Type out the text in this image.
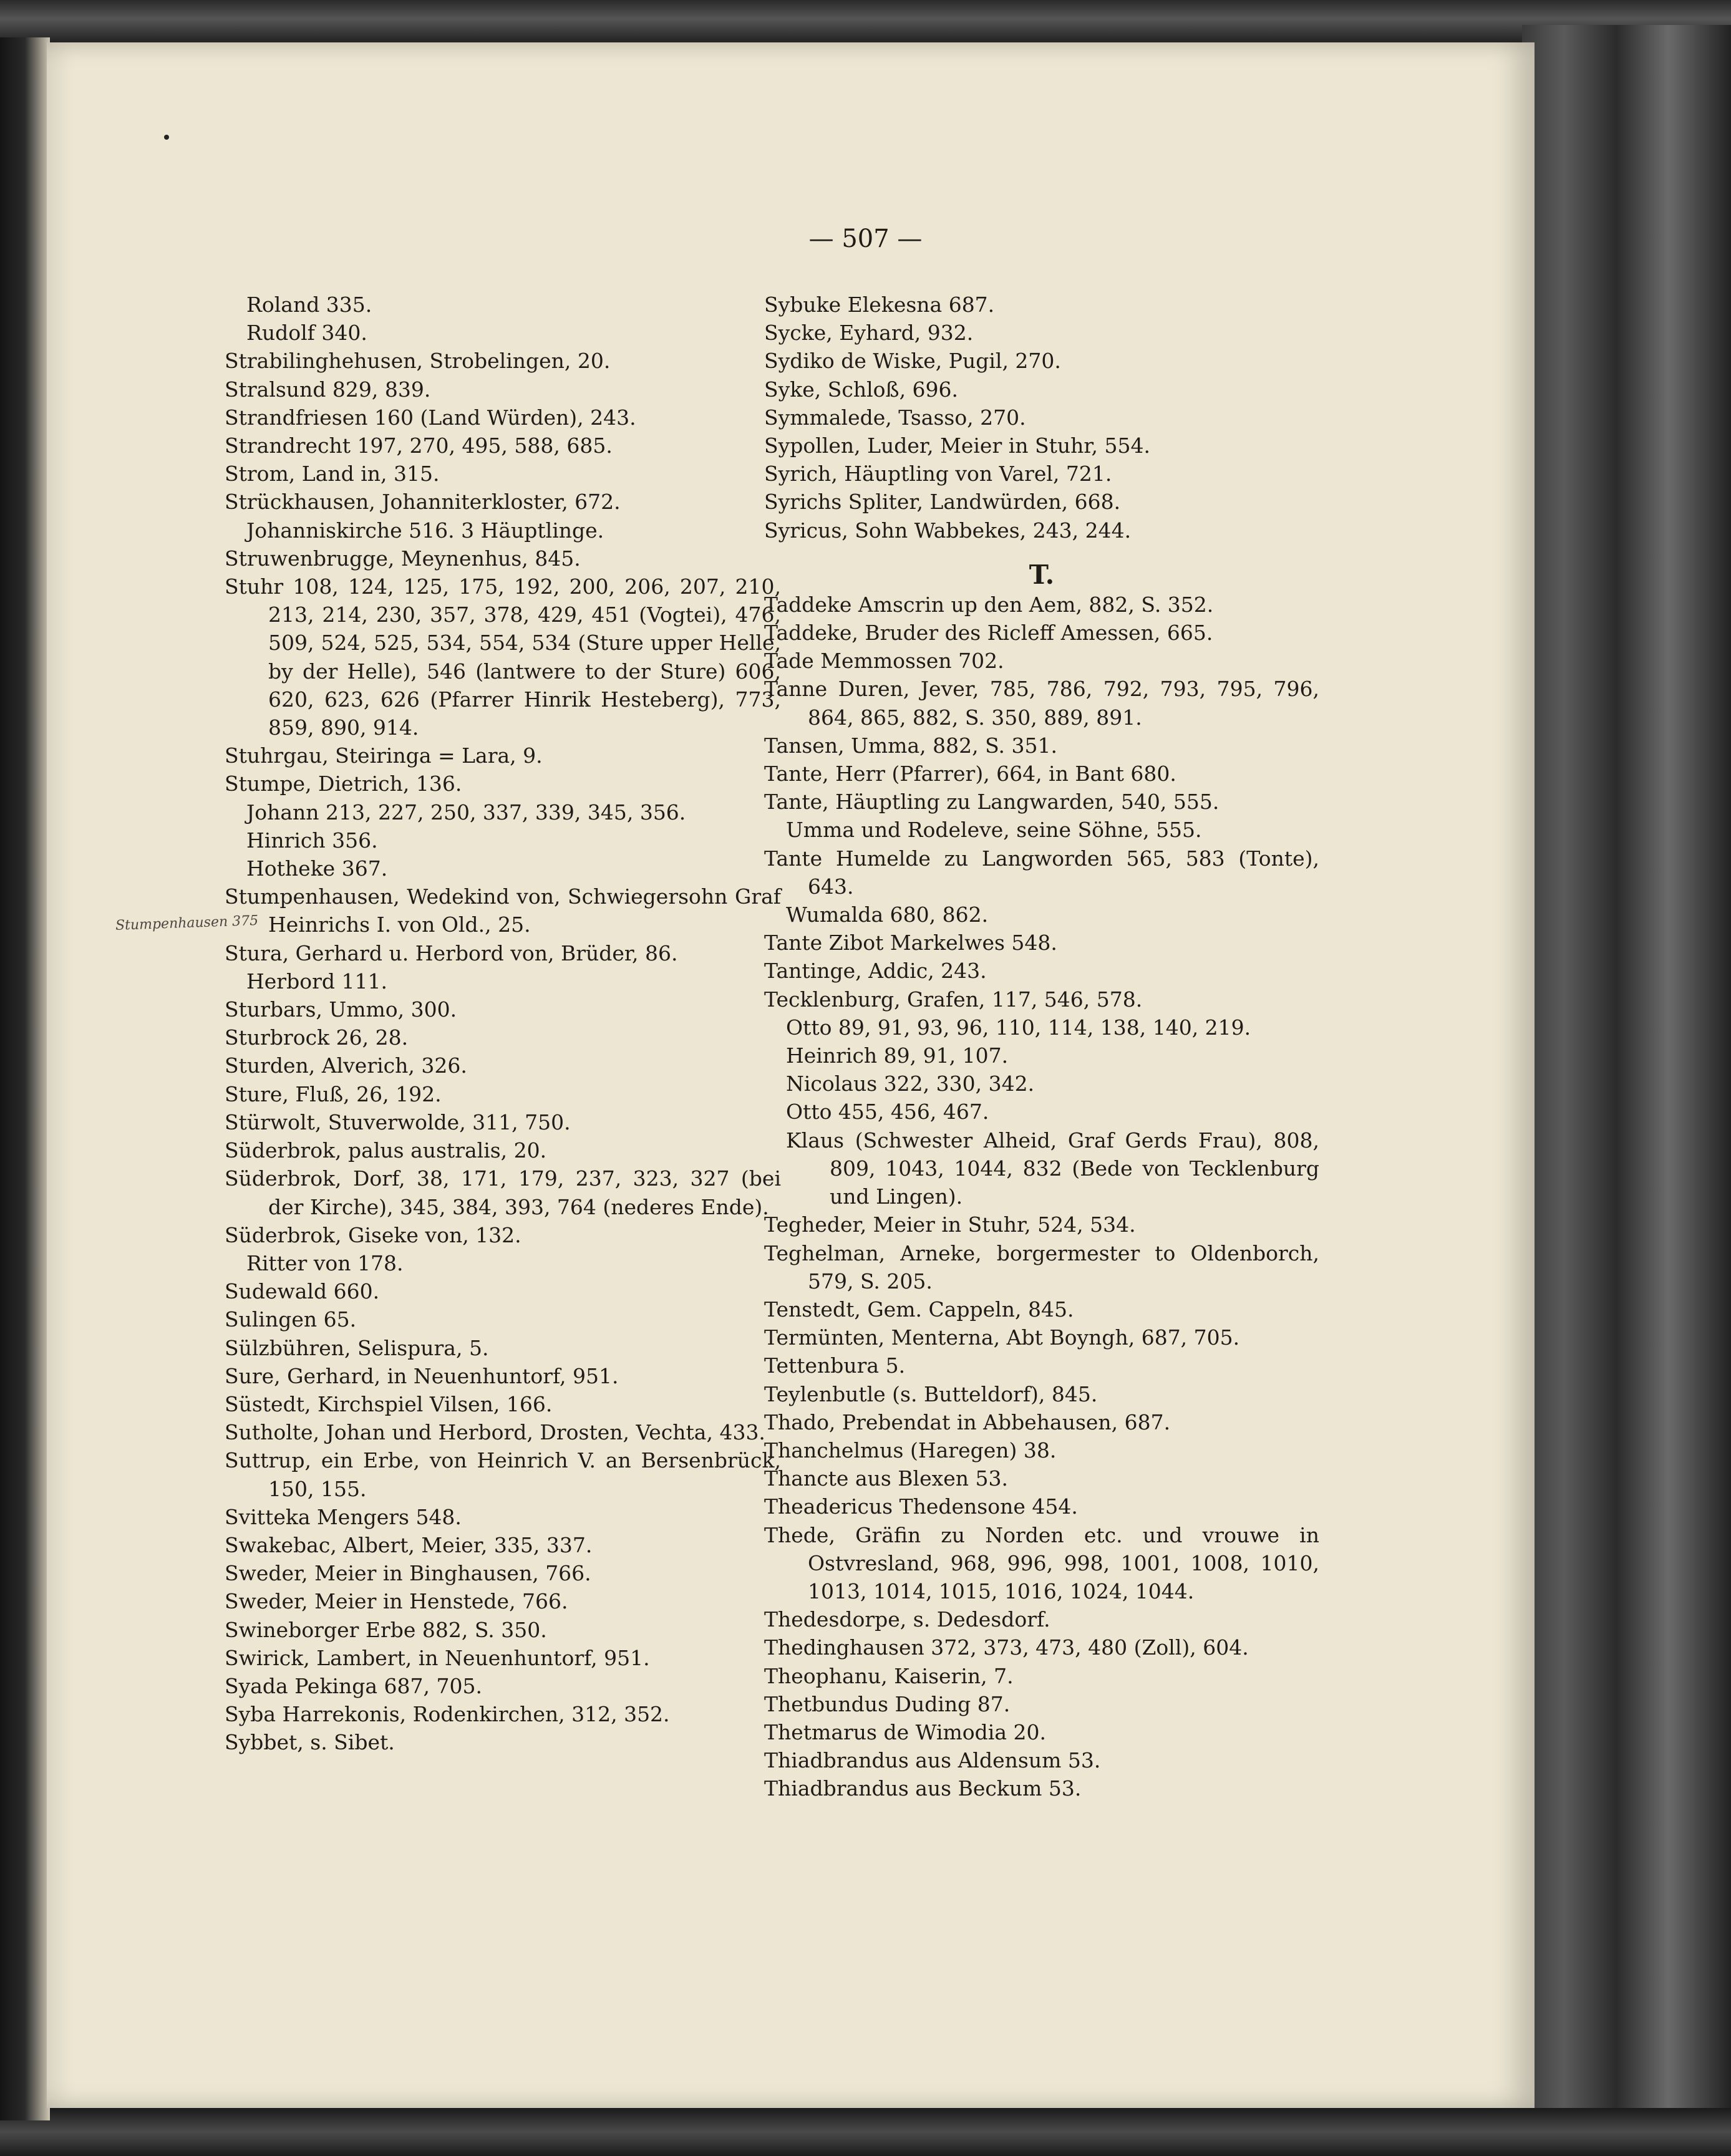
— 507 —
Stumpenhausen 375
Roland 335.
Rudolf 340.
Strabilinghehusen, Strobelingen, 20.
Stralsund 829, 839.
Strandfriesen 160 (Land Würden), 243.
Strandrecht 197, 270, 495, 588, 685.
Strom, Land in, 315.
Strückhausen, Johanniterkloster, 672.
Johanniskirche 516. 3 Häuptlinge.
Struwenbrugge, Meynenhus, 845.
Stuhr 108, 124, 125, 175, 192, 200, 206, 207, 210, 213, 214, 230, 357, 378, 429, 451 (Vogtei), 476, 509, 524, 525, 534, 554, 534 (Sture upper Helle, by der Helle), 546 (lantwere to der Sture) 606, 620, 623, 626 (Pfarrer Hinrik Hesteberg), 773, 859, 890, 914.
Stuhrgau, Steiringa = Lara, 9.
Stumpe, Dietrich, 136.
Johann 213, 227, 250, 337, 339, 345, 356.
Hinrich 356.
Hotheke 367.
Stumpenhausen, Wedekind von, Schwiegersohn Graf Heinrichs I. von Old., 25.
Stura, Gerhard u. Herbord von, Brüder, 86.
Herbord 111.
Sturbars, Ummo, 300.
Sturbrock 26, 28.
Sturden, Alverich, 326.
Sture, Fluß, 26, 192.
Stürwolt, Stuverwolde, 311, 750.
Süderbrok, palus australis, 20.
Süderbrok, Dorf, 38, 171, 179, 237, 323, 327 (bei der Kirche), 345, 384, 393, 764 (nederes Ende).
Süderbrok, Giseke von, 132.
Ritter von 178.
Sudewald 660.
Sulingen 65.
Sülzbühren, Selispura, 5.
Sure, Gerhard, in Neuenhuntorf, 951.
Süstedt, Kirchspiel Vilsen, 166.
Sutholte, Johan und Herbord, Drosten, Vechta, 433.
Suttrup, ein Erbe, von Heinrich V. an Bersenbrück, 150, 155.
Svitteka Mengers 548.
Swakebac, Albert, Meier, 335, 337.
Sweder, Meier in Binghausen, 766.
Sweder, Meier in Henstede, 766.
Swineborger Erbe 882, S. 350.
Swirick, Lambert, in Neuenhuntorf, 951.
Syada Pekinga 687, 705.
Syba Harrekonis, Rodenkirchen, 312, 352.
Sybbet, s. Sibet.
Sybuke Elekesna 687.
Sycke, Eyhard, 932.
Sydiko de Wiske, Pugil, 270.
Syke, Schloß, 696.
Symmalede, Tsasso, 270.
Sypollen, Luder, Meier in Stuhr, 554.
Syrich, Häuptling von Varel, 721.
Syrichs Spliter, Landwürden, 668.
Syricus, Sohn Wabbekes, 243, 244.
T.
Taddeke Amscrin up den Aem, 882, S. 352.
Taddeke, Bruder des Ricleff Amessen, 665.
Tade Memmossen 702.
Tanne Duren, Jever, 785, 786, 792, 793, 795, 796, 864, 865, 882, S. 350, 889, 891.
Tansen, Umma, 882, S. 351.
Tante, Herr (Pfarrer), 664, in Bant 680.
Tante, Häuptling zu Langwarden, 540, 555.
Umma und Rodeleve, seine Söhne, 555.
Tante Humelde zu Langworden 565, 583 (Tonte), 643.
Wumalda 680, 862.
Tante Zibot Markelwes 548.
Tantinge, Addic, 243.
Tecklenburg, Grafen, 117, 546, 578.
Otto 89, 91, 93, 96, 110, 114, 138, 140, 219.
Heinrich 89, 91, 107.
Nicolaus 322, 330, 342.
Otto 455, 456, 467.
Klaus (Schwester Alheid, Graf Gerds Frau), 808, 809, 1043, 1044, 832 (Bede von Tecklenburg und Lingen).
Tegheder, Meier in Stuhr, 524, 534.
Teghelman, Arneke, borgermester to Oldenborch, 579, S. 205.
Tenstedt, Gem. Cappeln, 845.
Termünten, Menterna, Abt Boyngh, 687, 705.
Tettenbura 5.
Teylenbutle (s. Butteldorf), 845.
Thado, Prebendat in Abbehausen, 687.
Thanchelmus (Haregen) 38.
Thancte aus Blexen 53.
Theadericus Thedensone 454.
Thede, Gräfin zu Norden etc. und vrouwe in Ostvresland, 968, 996, 998, 1001, 1008, 1010, 1013, 1014, 1015, 1016, 1024, 1044.
Thedesdorpe, s. Dedesdorf.
Thedinghausen 372, 373, 473, 480 (Zoll), 604.
Theophanu, Kaiserin, 7.
Thetbundus Duding 87.
Thetmarus de Wimodia 20.
Thiadbrandus aus Aldensum 53.
Thiadbrandus aus Beckum 53.
